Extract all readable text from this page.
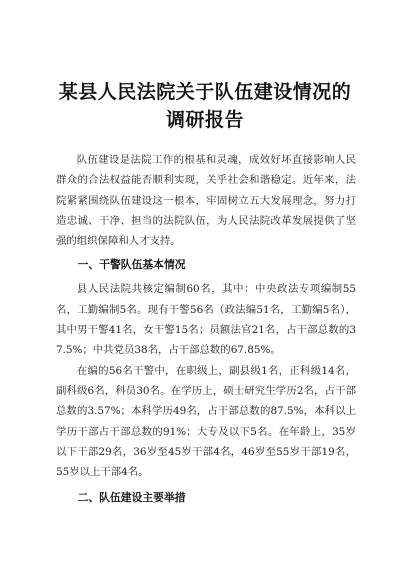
某县人民法院关于队伍建设情况的
调研报告

队伍建设是法院工作的根基和灵魂，成效好坏直接影响人民群众的合法权益能否顺利实现，关乎社会和谐稳定。近年来，法院紧紧围绕队伍建设这一根本，牢固树立五大发展理念，努力打造忠诚、干净、担当的法院队伍，为人民法院改革发展提供了坚强的组织保障和人才支持。

一、干警队伍基本情况

县人民法院共核定编制60名，其中：中央政法专项编制55名，工勤编制5名。现有干警56名（政法编51名，工勤编5名），其中男干警41名，女干警15名；员额法官21名，占干部总数的37.5%；中共党员38名，占干部总数的67.85%。

在编的56名干警中，在职级上，副县级1名，正科级14名，副科级6名，科员30名。在学历上，硕士研究生学历2名，占干部总数的3.57%；本科学历49名，占干部总数的87.5%，本科以上学历干部占干部总数的91%；大专及以下5名。在年龄上，35岁以下干部29名，36岁至45岁干部4名，46岁至55岁干部19名，55岁以上干部4名。

二、队伍建设主要举措
